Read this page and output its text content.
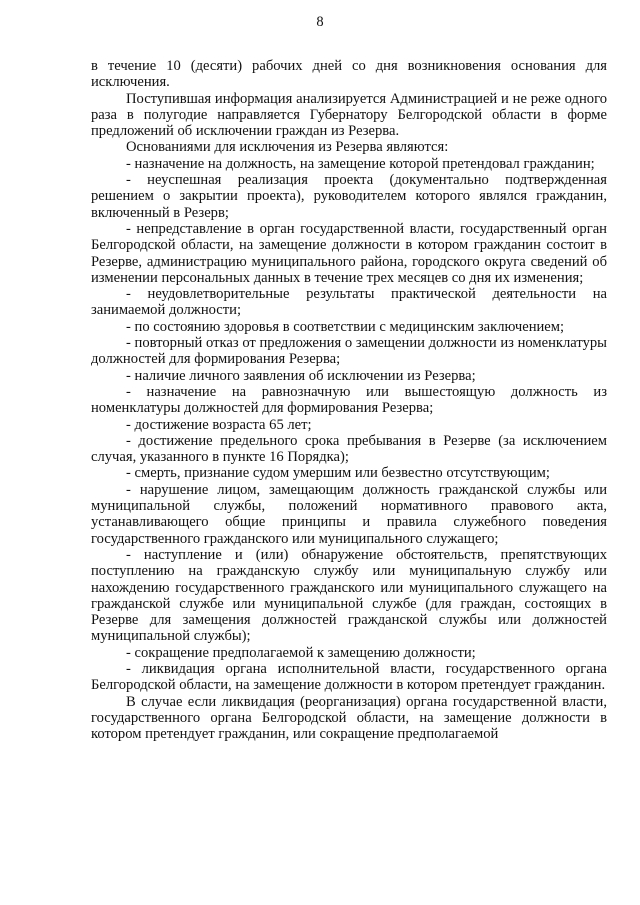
8

в течение 10 (десяти) рабочих дней со дня возникновения основания для исключения.

Поступившая информация анализируется Администрацией и не реже одного раза в полугодие направляется Губернатору Белгородской области в форме предложений об исключении граждан из Резерва.

Основаниями для исключения из Резерва являются:

- назначение на должность, на замещение которой претендовал гражданин;

- неуспешная реализация проекта (документально подтвержденная решением о закрытии проекта), руководителем которого являлся гражданин, включенный в Резерв;

- непредставление в орган государственной власти, государственный орган Белгородской области, на замещение должности в котором гражданин состоит в Резерве, администрацию муниципального района, городского округа сведений об изменении персональных данных в течение трех месяцев со дня их изменения;

- неудовлетворительные результаты практической деятельности на занимаемой должности;

- по состоянию здоровья в соответствии с медицинским заключением;

- повторный отказ от предложения о замещении должности из номенклатуры должностей для формирования Резерва;

- наличие личного заявления об исключении из Резерва;

- назначение на равнозначную или вышестоящую должность из номенклатуры должностей для формирования Резерва;

- достижение возраста 65 лет;

- достижение предельного срока пребывания в Резерве (за исключением случая, указанного в пункте 16 Порядка);

- смерть, признание судом умершим или безвестно отсутствующим;

- нарушение лицом, замещающим должность гражданской службы или муниципальной службы, положений нормативного правового акта, устанавливающего общие принципы и правила служебного поведения государственного гражданского или муниципального служащего;

- наступление и (или) обнаружение обстоятельств, препятствующих поступлению на гражданскую службу или муниципальную службу или нахождению государственного гражданского или муниципального служащего на гражданской службе или муниципальной службе (для граждан, состоящих в Резерве для замещения должностей гражданской службы или должностей муниципальной службы);

- сокращение предполагаемой к замещению должности;

- ликвидация органа исполнительной власти, государственного органа Белгородской области, на замещение должности в котором претендует гражданин.

В случае если ликвидация (реорганизация) органа государственной власти, государственного органа Белгородской области, на замещение должности в котором претендует гражданин, или сокращение предполагаемой
